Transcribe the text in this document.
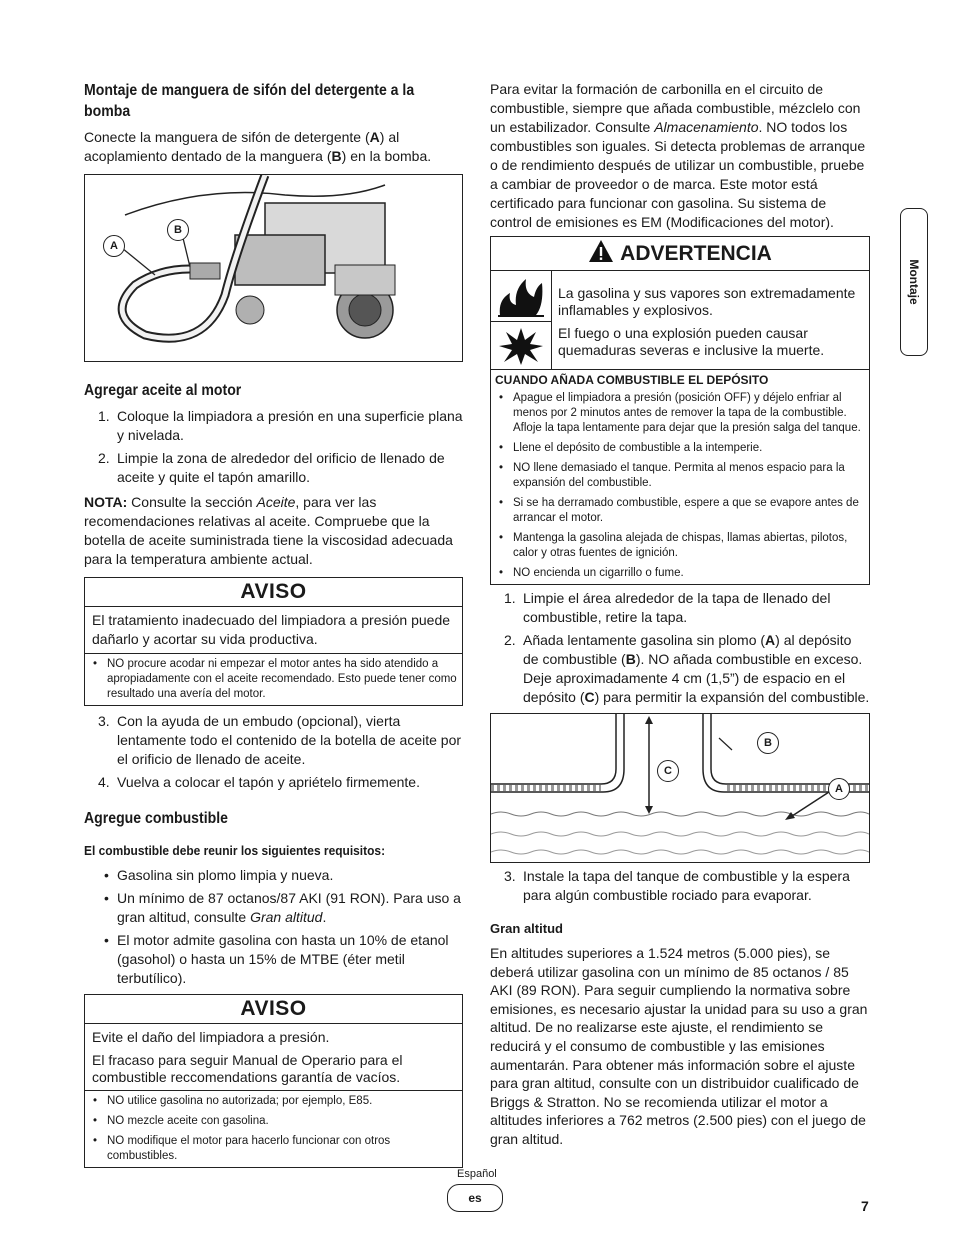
Montaje de manguera de sifón del detergente a la bomba

Conecte la manguera de sifón de detergente (A) al acoplamiento dentado de la manguera (B) en la bomba.

A
B
Agregar aceite al motor
1. Coloque la limpiadora a presión en una superficie plana y nivelada.
2. Limpie la zona de alrededor del orificio de llenado de aceite y quite el tapón amarillo.

NOTA: Consulte la sección Aceite, para ver las recomendaciones relativas al aceite. Compruebe que la botella de aceite suministrada tiene la viscosidad adecuada para la temperatura ambiente actual.

AVISO

El tratamiento inadecuado del limpiadora a presión puede dañarlo y acortar su vida productiva.

• NO procure acodar ni empezar el motor antes ha sido atendido a apropiadamente con el aceite recomendado. Esto puede tener como resultado una avería del motor.
3. Con la ayuda de un embudo (opcional), vierta lentamente todo el contenido de la botella de aceite por el orificio de llenado de aceite.
4. Vuelva a colocar el tapón y apriételo firmemente.
Agregue combustible

El combustible debe reunir los siguientes requisitos:

• Gasolina sin plomo limpia y nueva.
• Un mínimo de 87 octanos/87 AKI (91 RON). Para uso a gran altitud, consulte Gran altitud.
• El motor admite gasolina con hasta un 10% de etanol (gasohol) o hasta un 15% de MTBE (éter metil terbutílico).
AVISO

Evite el daño del limpiadora a presión.

El fracaso para seguir Manual de Operario para el combustible reccomendations garantía de vacíos.

• NO utilice gasolina no autorizada; por ejemplo, E85.
• NO mezcle aceite con gasolina.
• NO modifique el motor para hacerlo funcionar con otros combustibles.

Para evitar la formación de carbonilla en el circuito de combustible, siempre que añada combustible, mézclelo con un estabilizador. Consulte Almacenamiento. NO todos los combustibles son iguales. Si detecta problemas de arranque o de rendimiento después de utilizar un combustible, pruebe a cambiar de proveedor o de marca. Este motor está certificado para funcionar con gasolina. Su sistema de control de emisiones es EM (Modificaciones del motor).

ADVERTENCIA

La gasolina y sus vapores son extremadamente inflamables y explosivos.

El fuego o una explosión pueden causar quemaduras severas e inclusive la muerte.

CUANDO AÑADA COMBUSTIBLE EL DEPÓSITO

• Apague el limpiadora a presión (posición OFF) y déjelo enfriar al menos por 2 minutos antes de remover la tapa de la combustible. Afloje la tapa lentamente para dejar que la presión salga del tanque.
• Llene el depósito de combustible a la intemperie.
• NO llene demasiado el tanque. Permita al menos espacio para la expansión del combustible.
• Si se ha derramado combustible, espere a que se evapore antes de arrancar el motor.
• Mantenga la gasolina alejada de chispas, llamas abiertas, pilotos, calor y otras fuentes de ignición.
• NO encienda un cigarrillo o fume.
1. Limpie el área alrededor de la tapa de llenado del combustible, retire la tapa.
2. Añada lentamente gasolina sin plomo (A) al depósito de combustible (B). NO añada combustible en exceso. Deje aproximadamente 4 cm (1,5”) de espacio en el depósito (C) para permitir la expansión del combustible.
B
C
A
3. Instale la tapa del tanque de combustible y la espera para algún combustible rociado para evaporar.

Gran altitud

En altitudes superiores a 1.524 metros (5.000 pies), se deberá utilizar gasolina con un mínimo de 85 octanos / 85 AKI (89 RON). Para seguir cumpliendo la normativa sobre emisiones, es necesario ajustar la unidad para su uso a gran altitud. De no realizarse este ajuste, el rendimiento se reducirá y el consumo de combustible y las emisiones aumentarán. Para obtener más información sobre el ajuste para gran altitud, consulte con un distribuidor cualificado de Briggs & Stratton. No se recomienda utilizar el motor a altitudes inferiores a 762 metros (2.500 pies) con el juego de gran altitud.

Montaje
Español
es	7
